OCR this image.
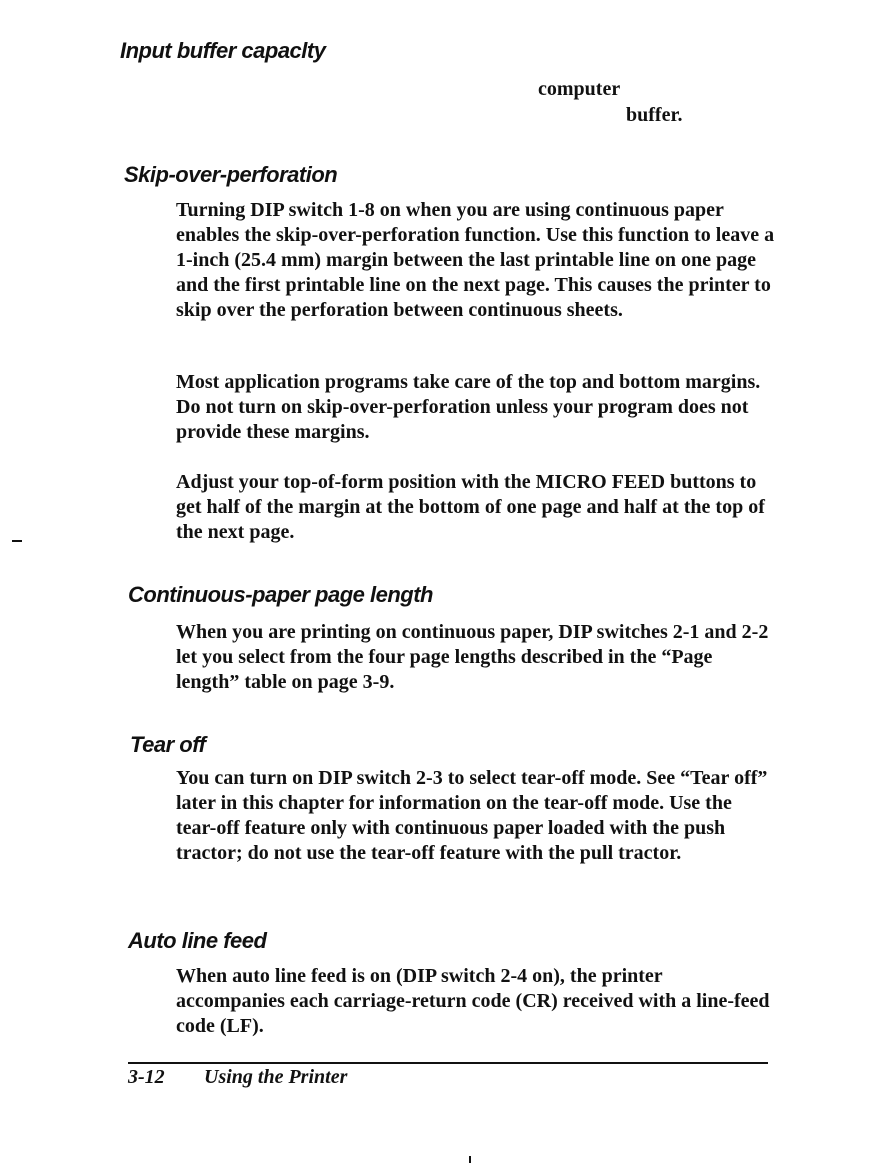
Input buffer capaclty

computer

buffer.

Skip-over-perforation

Turning DIP switch 1-8 on when you are using continuous paper enables the skip-over-perforation function. Use this function to leave a 1-inch (25.4 mm) margin between the last printable line on one page and the first printable line on the next page. This causes the printer to skip over the perforation between continuous sheets.

Most application programs take care of the top and bottom margins. Do not turn on skip-over-perforation unless your program does not provide these margins.

Adjust your top-of-form position with the MICRO FEED buttons to get half of the margin at the bottom of one page and half at the top of the next page.

Continuous-paper page length

When you are printing on continuous paper, DIP switches 2-1 and 2-2 let you select from the four page lengths described in the “Page length” table on page 3-9.

Tear off

You can turn on DIP switch 2-3 to select tear-off mode. See “Tear off” later in this chapter for information on the tear-off mode. Use the tear-off feature only with continuous paper loaded with the push tractor; do not use the tear-off feature with the pull tractor.

Auto line feed

When auto line feed is on (DIP switch 2-4 on), the printer accompanies each carriage-return code (CR) received with a line-feed code (LF).

3-12 Using the Printer
